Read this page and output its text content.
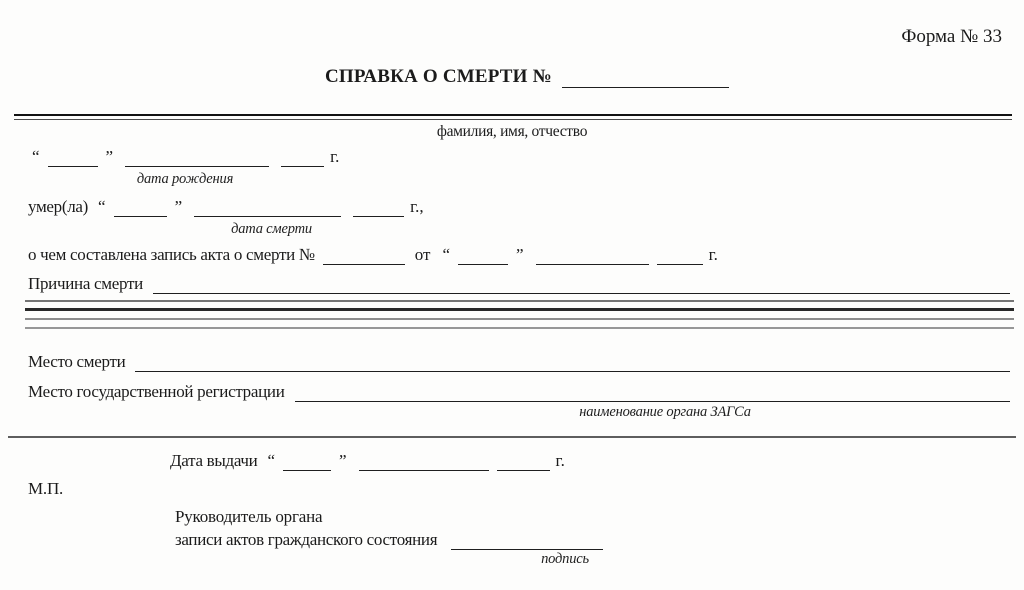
Форма № 33
СПРАВКА О СМЕРТИ №
фамилия, имя, отчество
“	”	г.
дата рождения
умер(ла) “	”	г.,
дата смерти
о чем составлена запись акта о смерти №	от “	”	г.
Причина смерти
Место смерти
Место государственной регистрации
наименование органа ЗАГСа
Дата выдачи “	”	г.
М.П.
Руководитель органа
записи актов гражданского состояния
подпись
